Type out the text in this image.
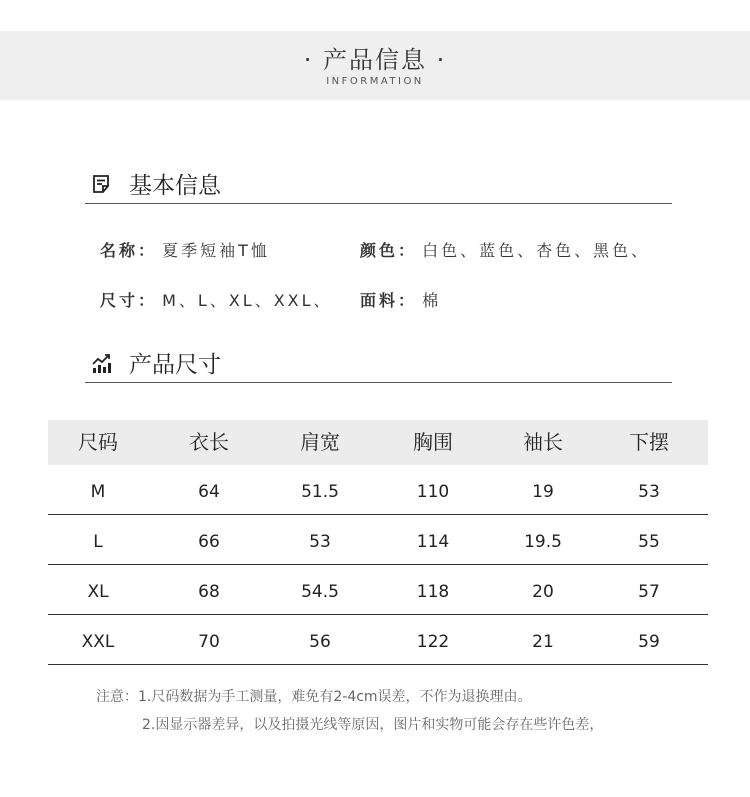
· 产品信息 ·
INFORMATION
基本信息
名称： 夏季短袖T恤	颜色： 白色、蓝色、杏色、黑色、
尺寸： M、L、XL、XXL、 面料： 棉
产品尺寸
尺码	衣长	肩宽	胸围	袖长	下摆
M	64	51.5	110	19	53
L	66	53	114	19.5	55
XL	68	54.5	118	20	57
XXL	70	56	122	21	59
注意：1.尺码数据为手工测量，难免有2-4cm误差，不作为退换理由。
2.因显示器差异，以及拍摄光线等原因，图片和实物可能会存在些许色差，
